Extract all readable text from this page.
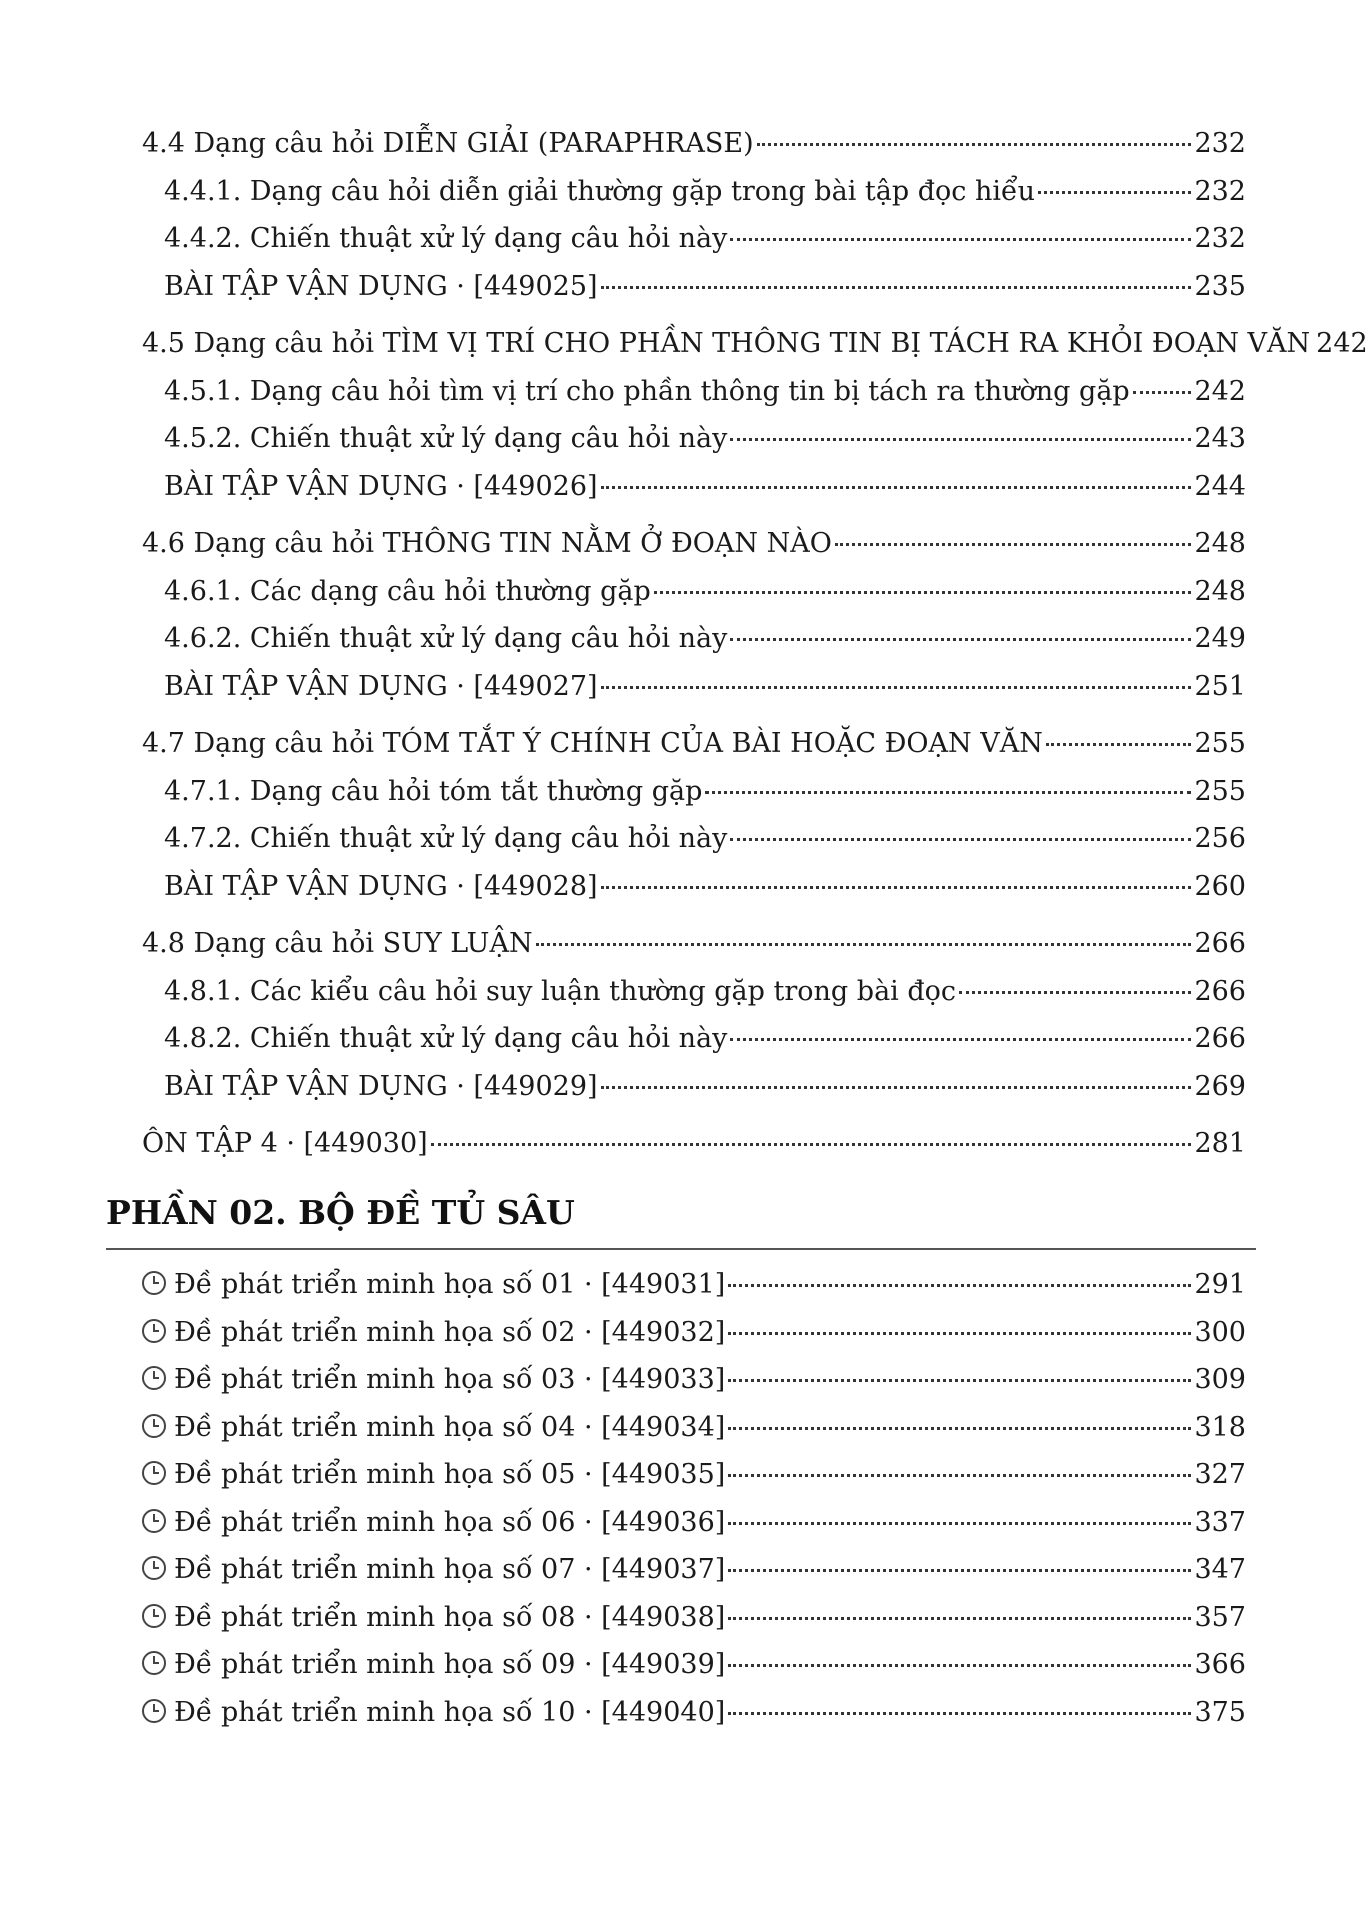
4.4 Dạng câu hỏi DIỄN GIẢI (PARAPHRASE)	232
4.4.1. Dạng câu hỏi diễn giải thường gặp trong bài tập đọc hiểu	232
4.4.2. Chiến thuật xử lý dạng câu hỏi này	232
BÀI TẬP VẬN DỤNG · [449025]	235
4.5 Dạng câu hỏi TÌM VỊ TRÍ CHO PHẦN THÔNG TIN BỊ TÁCH RA KHỎI ĐOẠN VĂN 242
4.5.1. Dạng câu hỏi tìm vị trí cho phần thông tin bị tách ra thường gặp 242
4.5.2. Chiến thuật xử lý dạng câu hỏi này	243
BÀI TẬP VẬN DỤNG · [449026]	244
4.6 Dạng câu hỏi THÔNG TIN NẰM Ở ĐOẠN NÀO	248
4.6.1. Các dạng câu hỏi thường gặp	248
4.6.2. Chiến thuật xử lý dạng câu hỏi này	249
BÀI TẬP VẬN DỤNG · [449027]	251
4.7 Dạng câu hỏi TÓM TẮT Ý CHÍNH CỦA BÀI HOẶC ĐOẠN VĂN	255
4.7.1. Dạng câu hỏi tóm tắt thường gặp	255
4.7.2. Chiến thuật xử lý dạng câu hỏi này	256
BÀI TẬP VẬN DỤNG · [449028]	260
4.8 Dạng câu hỏi SUY LUẬN	266
4.8.1. Các kiểu câu hỏi suy luận thường gặp trong bài đọc	266
4.8.2. Chiến thuật xử lý dạng câu hỏi này	266
BÀI TẬP VẬN DỤNG · [449029]	269
ÔN TẬP 4 · [449030]	281
Đề phát triển minh họa số 01 · [449031]	291
Đề phát triển minh họa số 02 · [449032]	300
Đề phát triển minh họa số 03 · [449033]	309
Đề phát triển minh họa số 04 · [449034]	318
Đề phát triển minh họa số 05 · [449035]	327
Đề phát triển minh họa số 06 · [449036]	337
Đề phát triển minh họa số 07 · [449037]	347
Đề phát triển minh họa số 08 · [449038]	357
Đề phát triển minh họa số 09 · [449039]	366
Đề phát triển minh họa số 10 · [449040]	375
PHẦN 02. BỘ ĐỀ TỦ SÂU
